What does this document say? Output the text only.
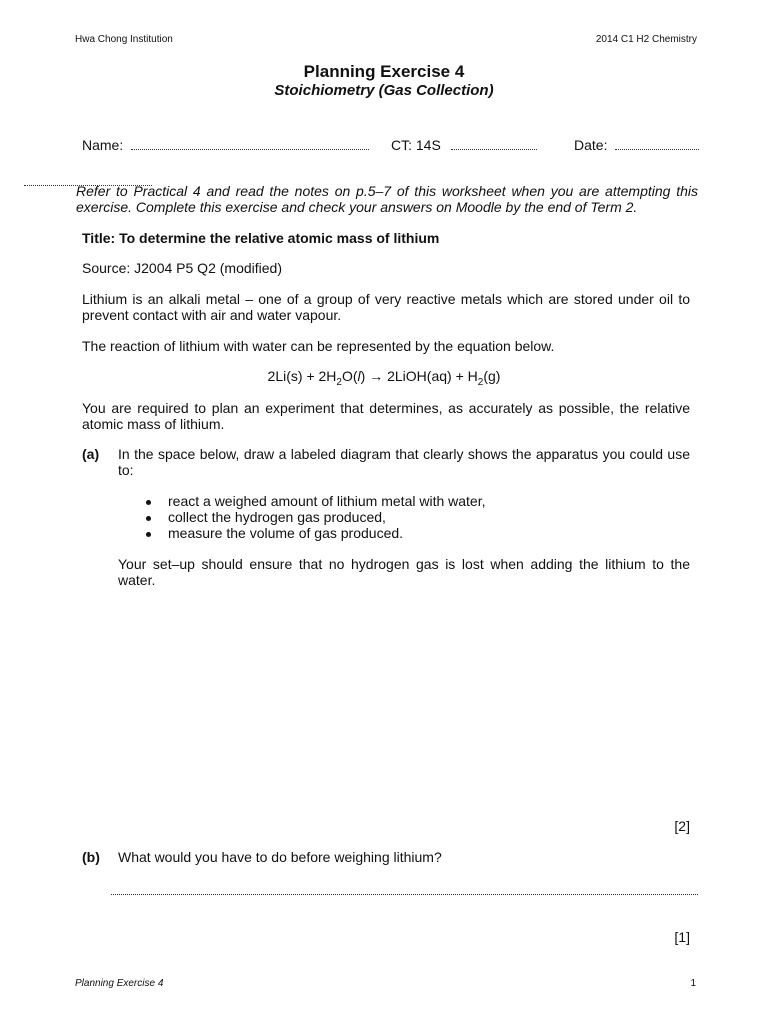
Hwa Chong Institution	2014 C1 H2 Chemistry
Planning Exercise 4
Stoichiometry (Gas Collection)
Name:	CT: 14S	Date:
Refer to Practical 4 and read the notes on p.5–7 of this worksheet when you are attempting this exercise. Complete this exercise and check your answers on Moodle by the end of Term 2.
Title: To determine the relative atomic mass of lithium
Source: J2004 P5 Q2 (modified)
Lithium is an alkali metal – one of a group of very reactive metals which are stored under oil to prevent contact with air and water vapour.
The reaction of lithium with water can be represented by the equation below.
$2Li(s) + 2H_2O(l)$ → 2LiOH(aq) + $H_2(g)$
You are required to plan an experiment that determines, as accurately as possible, the relative atomic mass of lithium.
(a) In the space below, draw a labeled diagram that clearly shows the apparatus you could use to:
react a weighed amount of lithium metal with water,
collect the hydrogen gas produced,
measure the volume of gas produced.
Your set–up should ensure that no hydrogen gas is lost when adding the lithium to the water.
[2]
(b) What would you have to do before weighing lithium?
[1]
Planning Exercise 4	1
